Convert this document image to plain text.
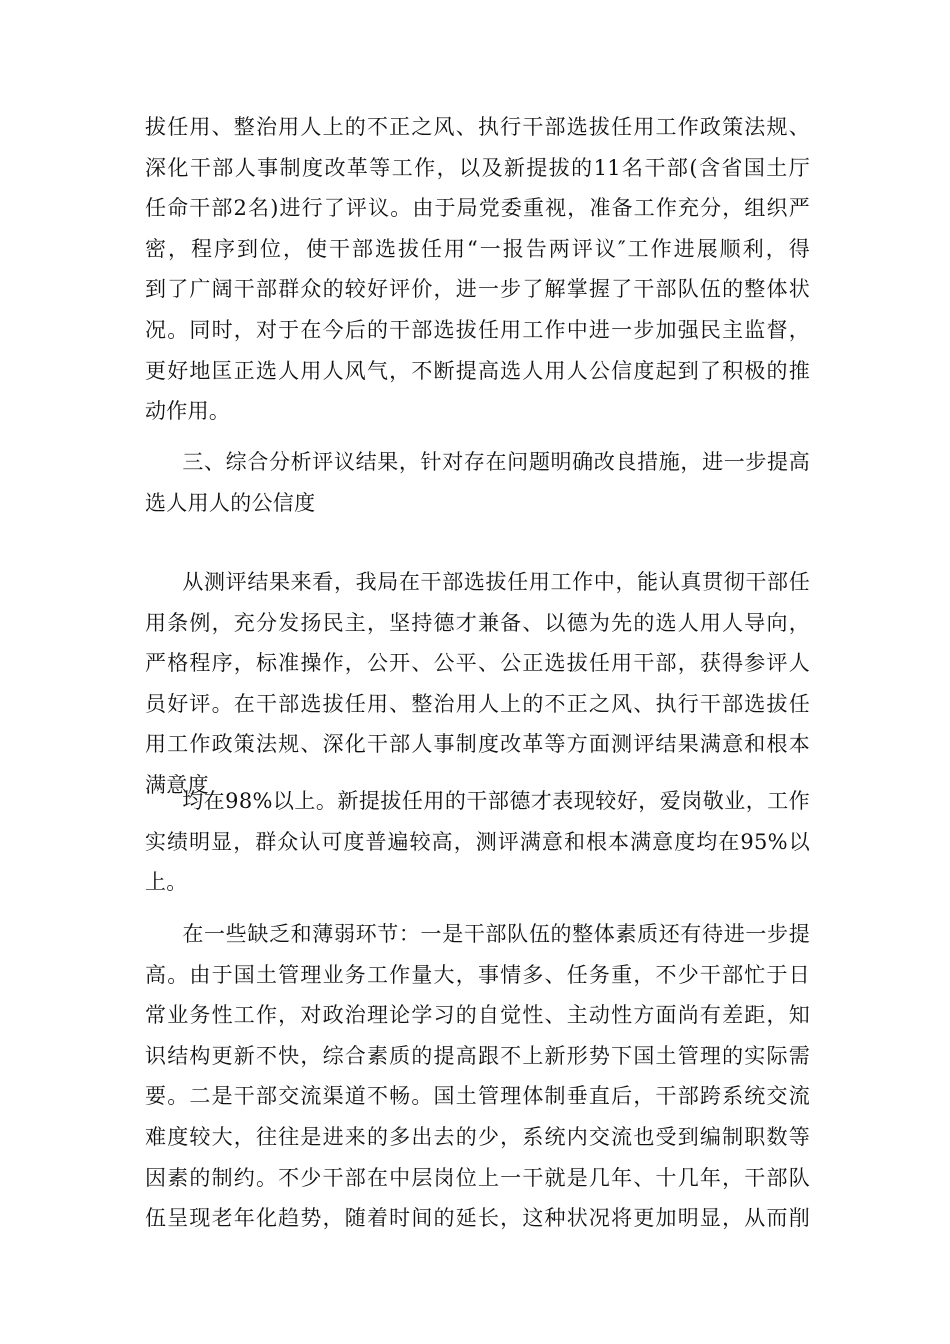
拔任用、整治用人上的不正之风、执行干部选拔任用工作政策法规、
深化干部人事制度改革等工作，以及新提拔的11名干部(含省国土厅
任命干部2名)进行了评议。由于局党委重视，准备工作充分，组织严
密，程序到位，使干部选拔任用“一报告两评议″工作进展顺利，得
到了广阔干部群众的较好评价，进一步了解掌握了干部队伍的整体状
况。同时，对于在今后的干部选拔任用工作中进一步加强民主监督，
更好地匡正选人用人风气，不断提高选人用人公信度起到了积极的推
动作用。
三、综合分析评议结果，针对存在问题明确改良措施，进一步提高
选人用人的公信度
从测评结果来看，我局在干部选拔任用工作中，能认真贯彻干部任
用条例，充分发扬民主，坚持德才兼备、以德为先的选人用人导向，
严格程序，标准操作，公开、公平、公正选拔任用干部，获得参评人
员好评。在干部选拔任用、整治用人上的不正之风、执行干部选拔任
用工作政策法规、深化干部人事制度改革等方面测评结果满意和根本
满意度
均在98%以上。新提拔任用的干部德才表现较好，爱岗敬业，工作
实绩明显，群众认可度普遍较高，测评满意和根本满意度均在95%以
上。
在一些缺乏和薄弱环节：一是干部队伍的整体素质还有待进一步提
高。由于国土管理业务工作量大，事情多、任务重，不少干部忙于日
常业务性工作，对政治理论学习的自觉性、主动性方面尚有差距，知
识结构更新不快，综合素质的提高跟不上新形势下国土管理的实际需
要。二是干部交流渠道不畅。国土管理体制垂直后，干部跨系统交流
难度较大，往往是进来的多出去的少，系统内交流也受到编制职数等
因素的制约。不少干部在中层岗位上一干就是几年、十几年，干部队
伍呈现老年化趋势，随着时间的延长，这种状况将更加明显，从而削
